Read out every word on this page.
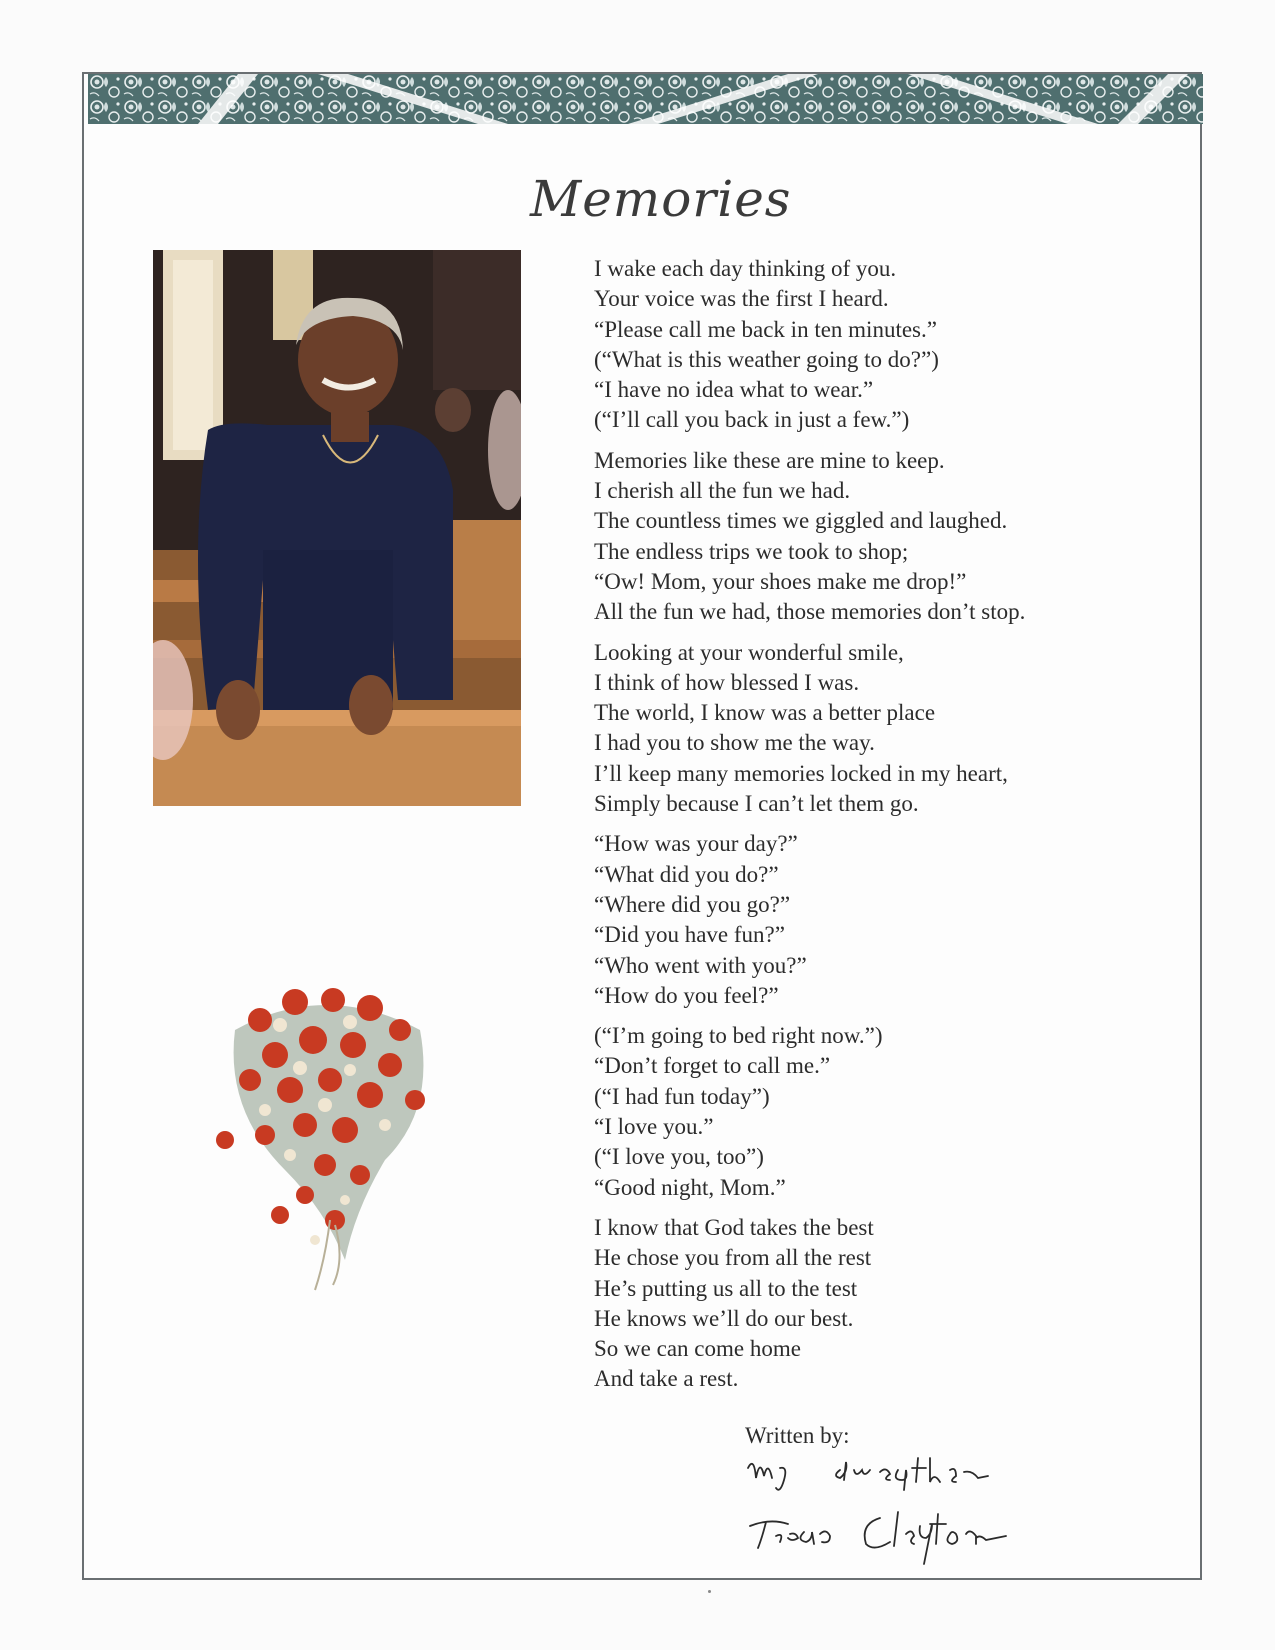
Memories
I wake each day thinking of you.
Your voice was the first I heard.
“Please call me back in ten minutes.”
(“What is this weather going to do?”)
“I have no idea what to wear.”
(“I’ll call you back in just a few.”)
Memories like these are mine to keep.
I cherish all the fun we had.
The countless times we giggled and laughed.
The endless trips we took to shop;
“Ow! Mom, your shoes make me drop!”
All the fun we had, those memories don’t stop.
Looking at your wonderful smile,
I think of how blessed I was.
The world, I know was a better place
I had you to show me the way.
I’ll keep many memories locked in my heart,
Simply because I can’t let them go.
“How was your day?”
“What did you do?”
“Where did you go?”
“Did you have fun?”
“Who went with you?”
“How do you feel?”
(“I’m going to bed right now.”)
“Don’t forget to call me.”
(“I had fun today”)
“I love you.”
(“I love you, too”)
“Good night, Mom.”
I know that God takes the best
He chose you from all the rest
He’s putting us all to the test
He knows we’ll do our best.
So we can come home
And take a rest.
Written by:
